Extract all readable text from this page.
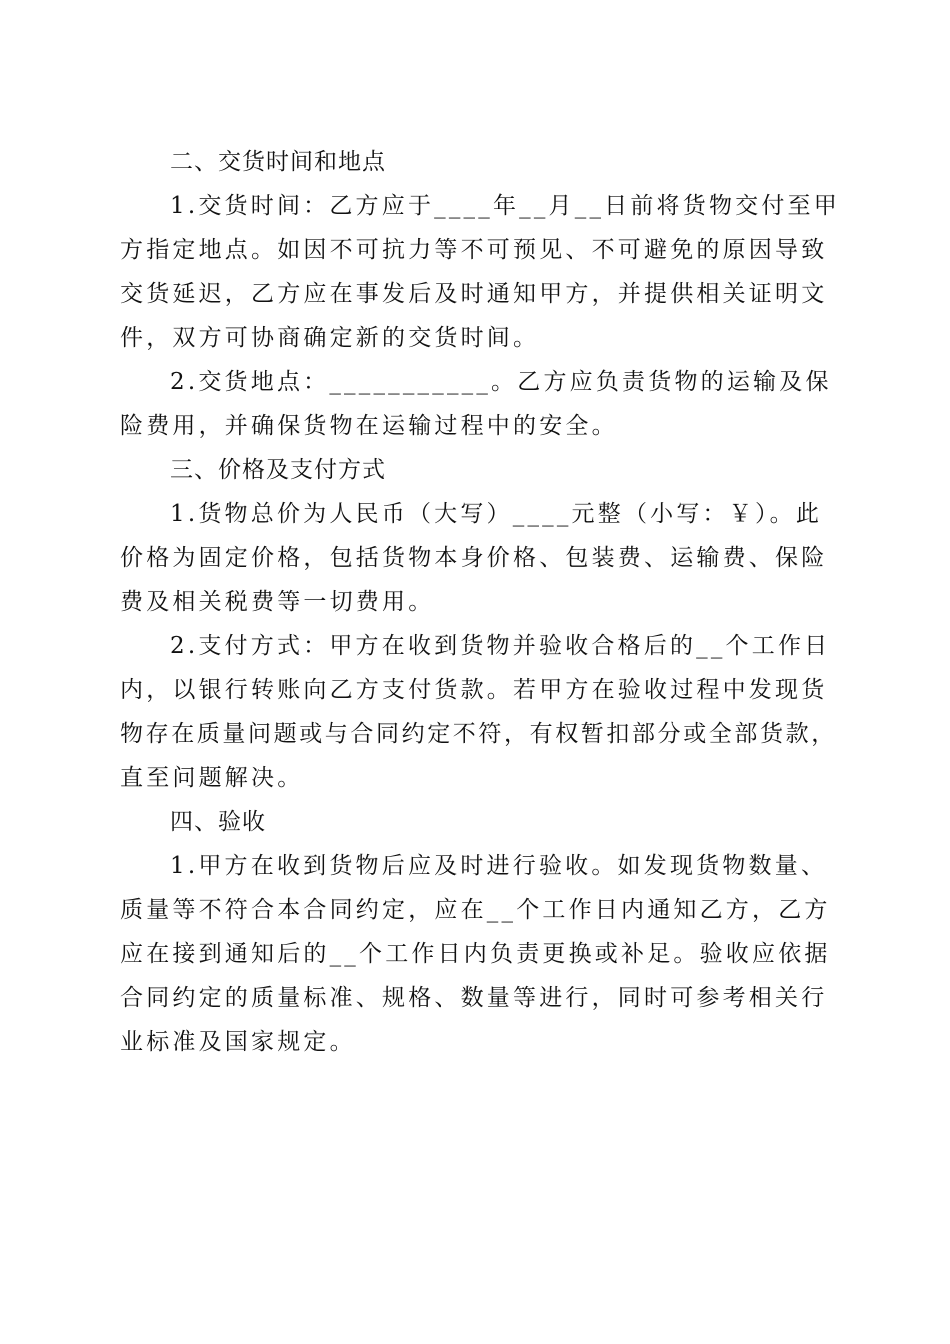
二、交货时间和地点

1.交货时间：乙方应于____年__月__日前将货物交付至甲
方指定地点。如因不可抗力等不可预见、不可避免的原因导致
交货延迟，乙方应在事发后及时通知甲方，并提供相关证明文
件，双方可协商确定新的交货时间。

2.交货地点：___________。乙方应负责货物的运输及保
险费用，并确保货物在运输过程中的安全。

三、价格及支付方式

1.货物总价为人民币（大写）____元整（小写：￥）。此
价格为固定价格，包括货物本身价格、包装费、运输费、保险
费及相关税费等一切费用。

2.支付方式：甲方在收到货物并验收合格后的__个工作日
内，以银行转账向乙方支付货款。若甲方在验收过程中发现货
物存在质量问题或与合同约定不符，有权暂扣部分或全部货款，
直至问题解决。

四、验收

1.甲方在收到货物后应及时进行验收。如发现货物数量、
质量等不符合本合同约定，应在__个工作日内通知乙方，乙方
应在接到通知后的__个工作日内负责更换或补足。验收应依据
合同约定的质量标准、规格、数量等进行，同时可参考相关行
业标准及国家规定。
